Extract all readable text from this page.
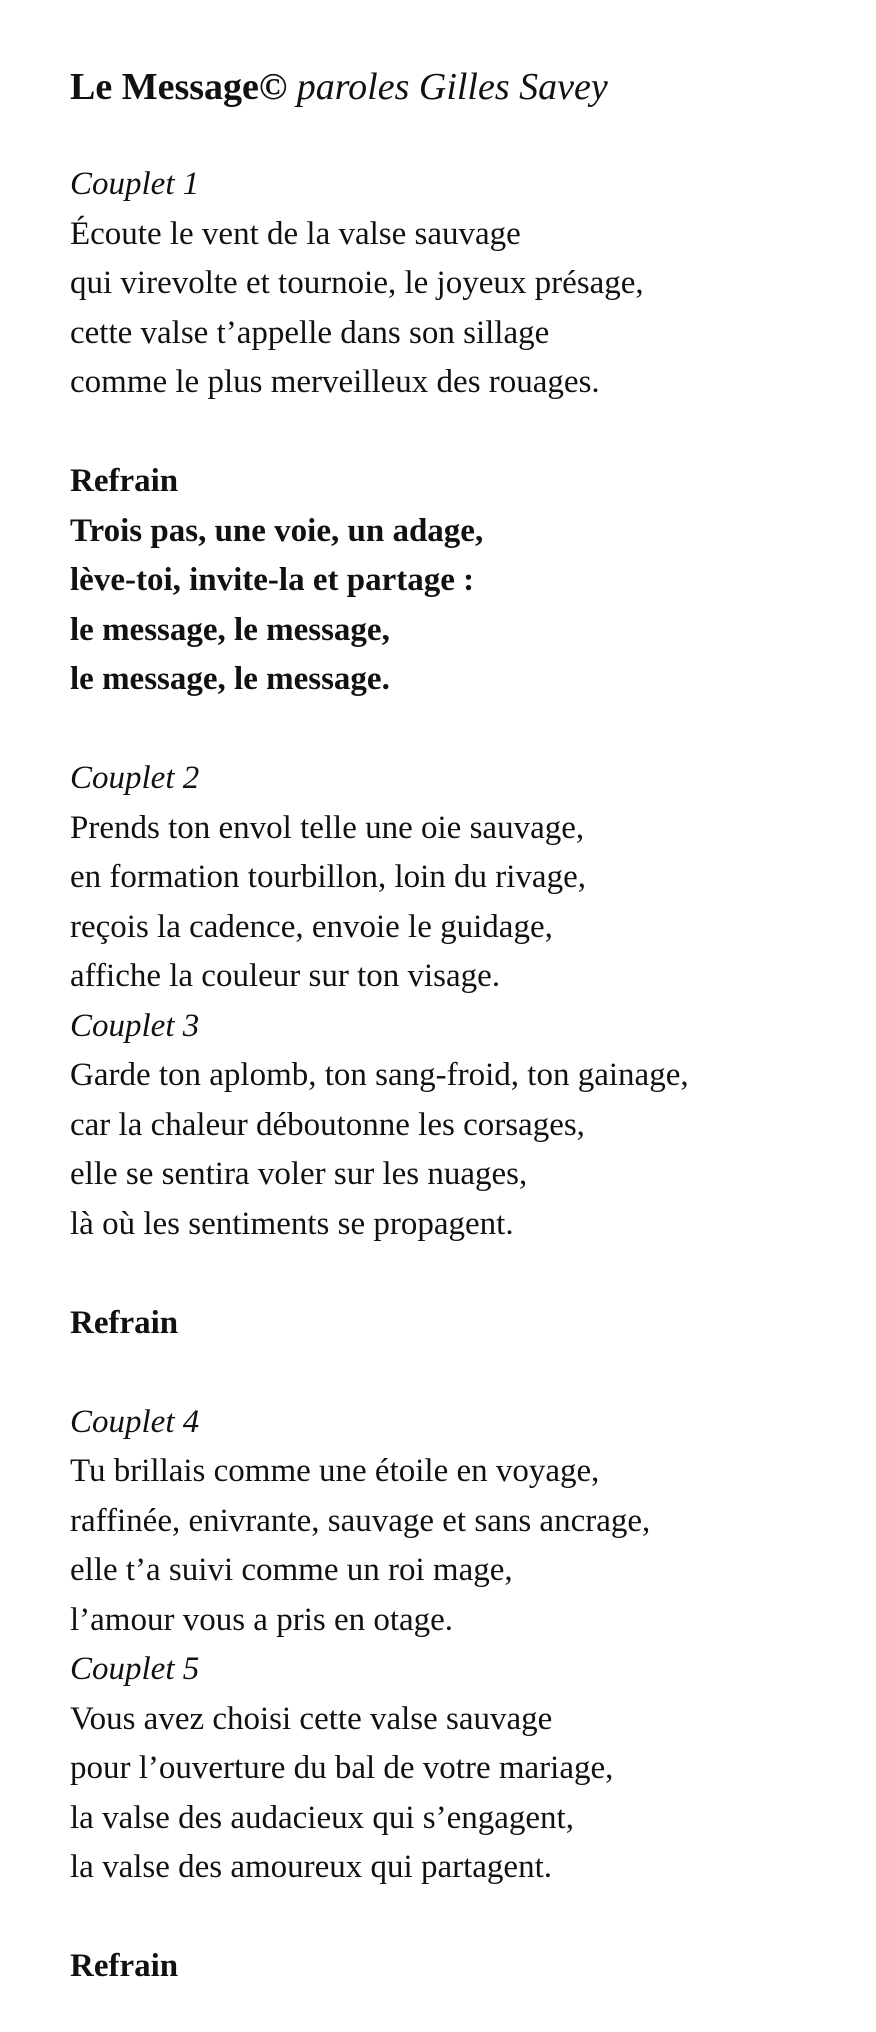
Le Message© paroles Gilles Savey
Couplet 1
Écoute le vent de la valse sauvage
qui virevolte et tournoie, le joyeux présage,
cette valse t’appelle dans son sillage
comme le plus merveilleux des rouages.
Refrain
Trois pas, une voie, un adage,
lève-toi, invite-la et partage :
le message, le message,
le message, le message.
Couplet 2
Prends ton envol telle une oie sauvage,
en formation tourbillon, loin du rivage,
reçois la cadence, envoie le guidage,
affiche la couleur sur ton visage.
Couplet 3
Garde ton aplomb, ton sang-froid, ton gainage,
car la chaleur déboutonne les corsages,
elle se sentira voler sur les nuages,
là où les sentiments se propagent.
Refrain
Couplet 4
Tu brillais comme une étoile en voyage,
raffinée, enivrante, sauvage et sans ancrage,
elle t’a suivi comme un roi mage,
l’amour vous a pris en otage.
Couplet 5
Vous avez choisi cette valse sauvage
pour l’ouverture du bal de votre mariage,
la valse des audacieux qui s’engagent,
la valse des amoureux qui partagent.
Refrain
